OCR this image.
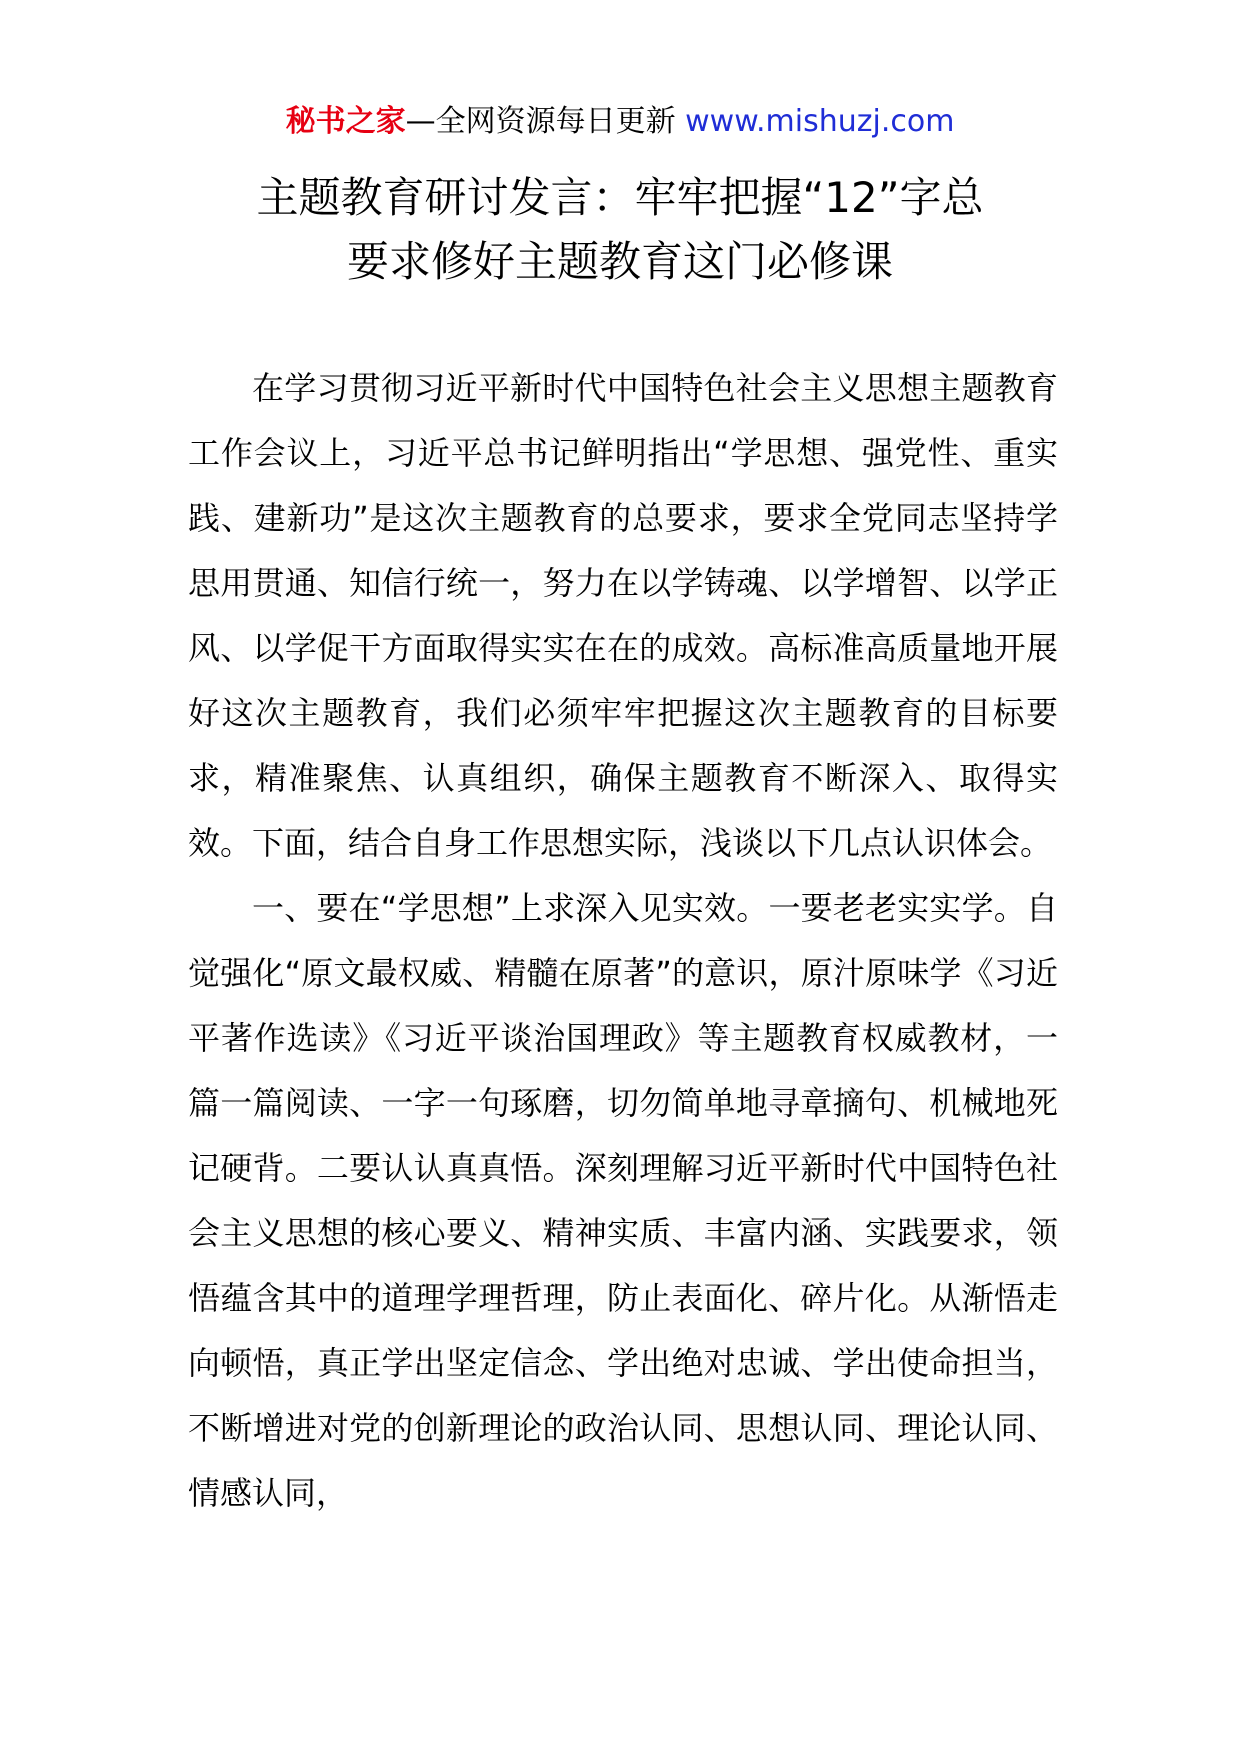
秘书之家—全网资源每日更新 www.mishuzj.com
主题教育研讨发言：牢牢把握“12”字总
要求修好主题教育这门必修课

在学习贯彻习近平新时代中国特色社会主义思想主题教育工作会议上，习近平总书记鲜明指出“学思想、强党性、重实践、建新功”是这次主题教育的总要求，要求全党同志坚持学思用贯通、知信行统一，努力在以学铸魂、以学增智、以学正风、以学促干方面取得实实在在的成效。高标准高质量地开展好这次主题教育，我们必须牢牢把握这次主题教育的目标要求，精准聚焦、认真组织，确保主题教育不断深入、取得实效。下面，结合自身工作思想实际，浅谈以下几点认识体会。

一、要在“学思想”上求深入见实效。一要老老实实学。自觉强化“原文最权威、精髓在原著”的意识，原汁原味学《习近平著作选读》《习近平谈治国理政》等主题教育权威教材，一篇一篇阅读、一字一句琢磨，切勿简单地寻章摘句、机械地死记硬背。二要认认真真悟。深刻理解习近平新时代中国特色社会主义思想的核心要义、精神实质、丰富内涵、实践要求，领悟蕴含其中的道理学理哲理，防止表面化、碎片化。从渐悟走向顿悟，真正学出坚定信念、学出绝对忠诚、学出使命担当，不断增进对党的创新理论的政治认同、思想认同、理论认同、情感认同，
